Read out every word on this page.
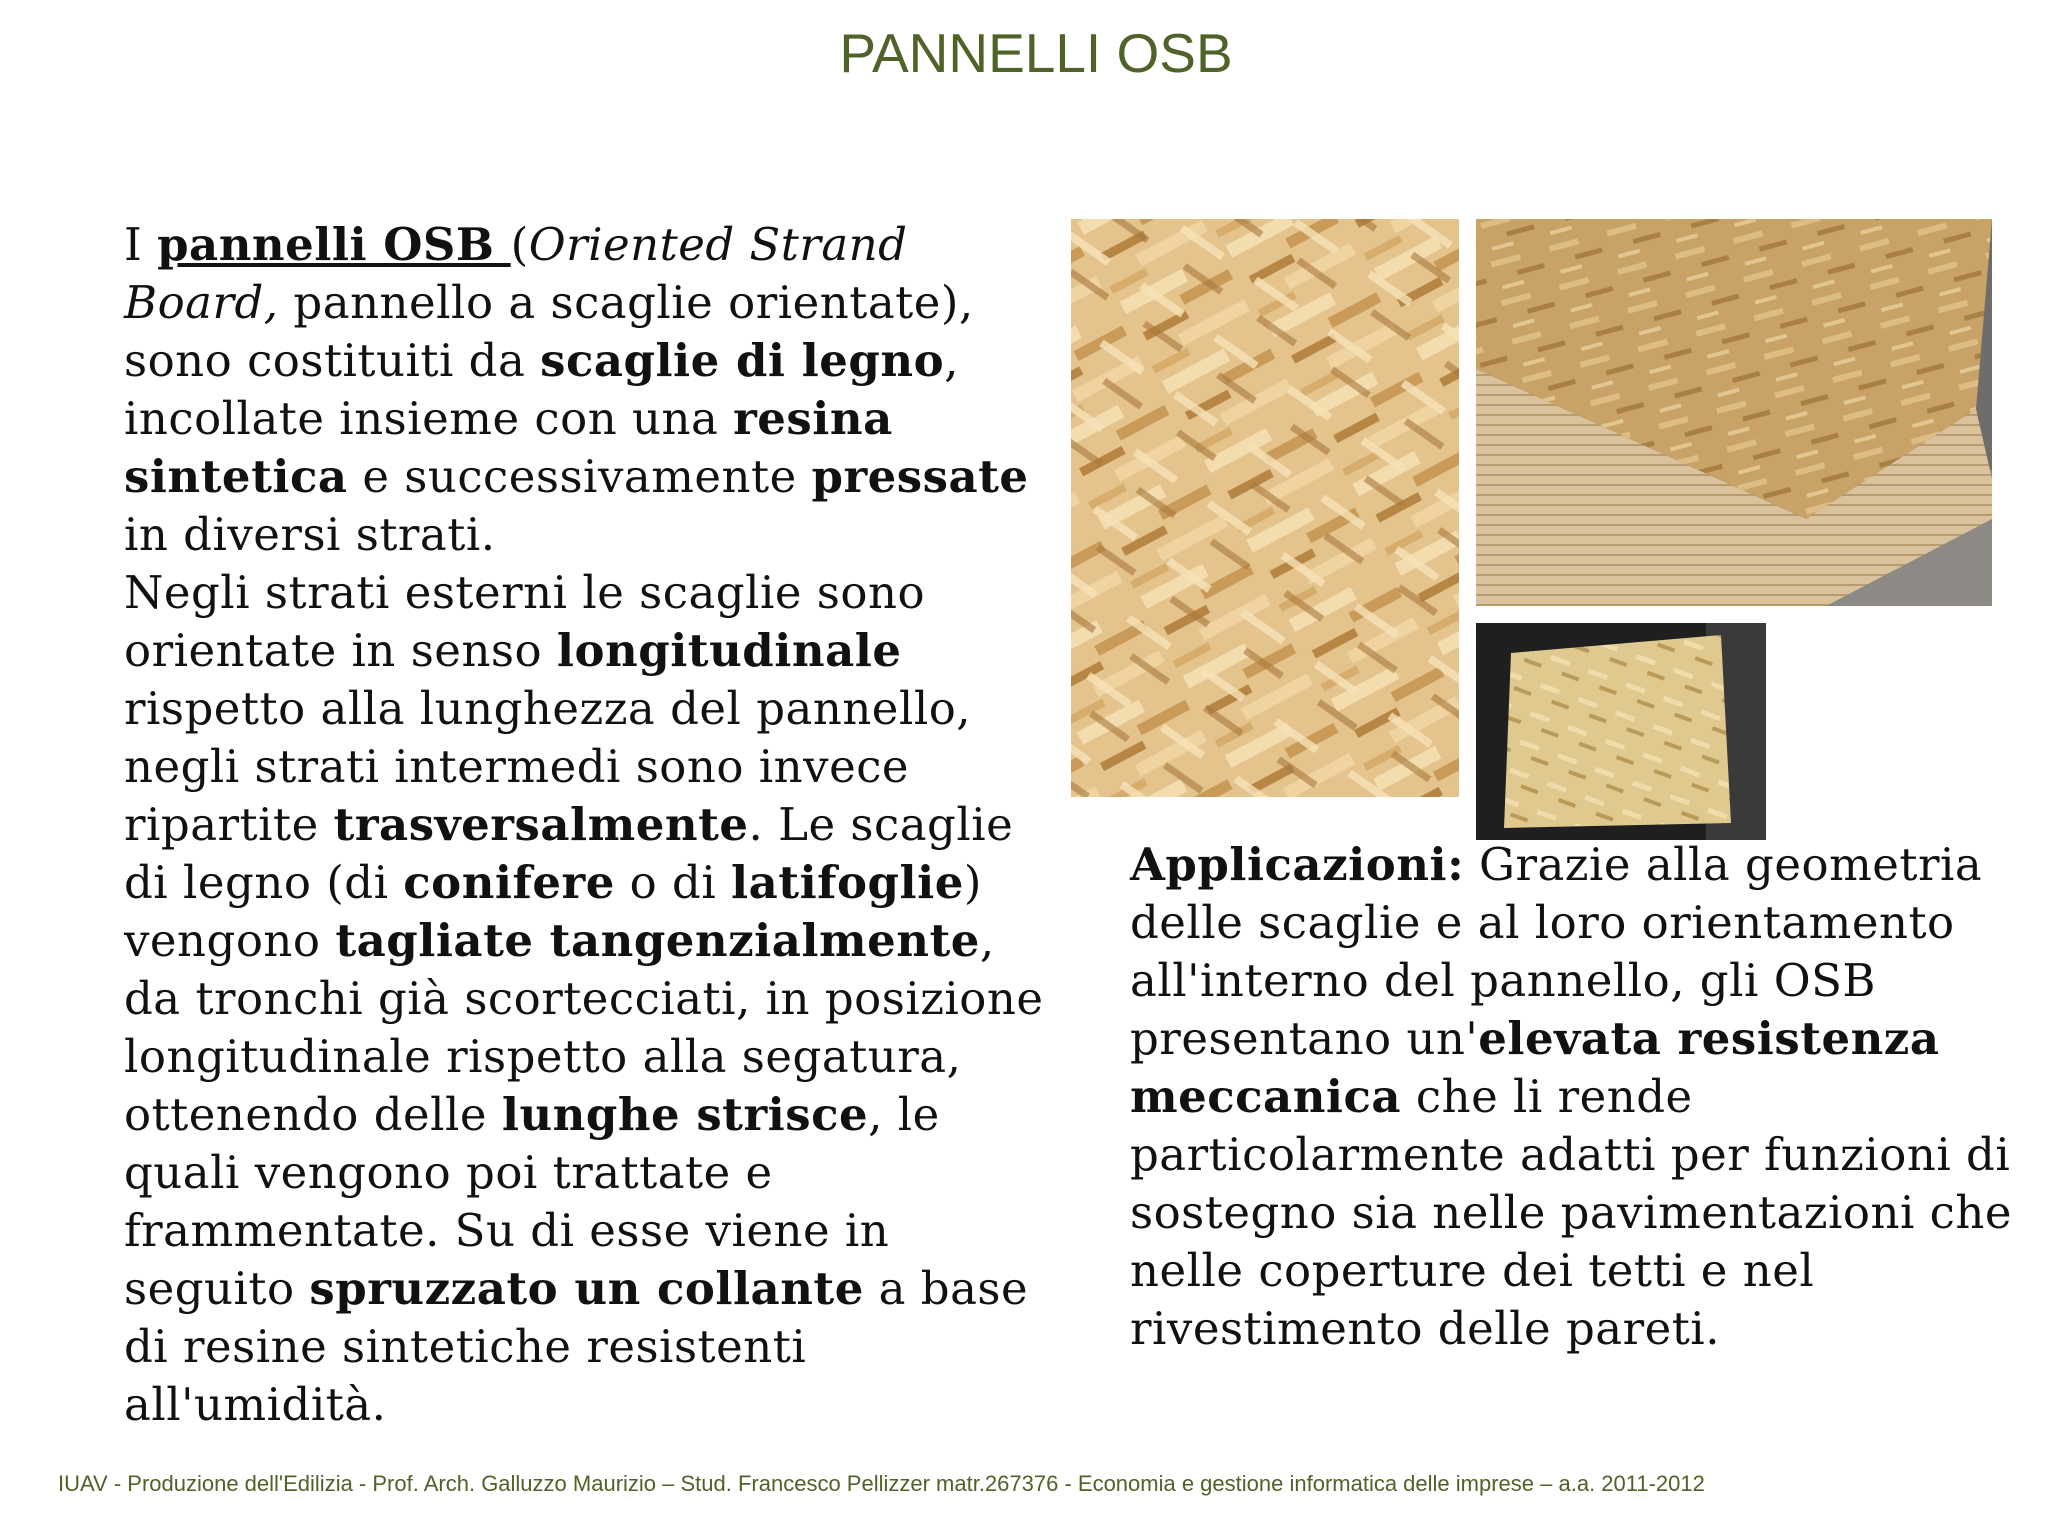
PANNELLI OSB
I pannelli OSB (Oriented Strand Board, pannello a scaglie orientate), sono costituiti da scaglie di legno, incollate insieme con una resina sintetica e successivamente pressate in diversi strati.
Negli strati esterni le scaglie sono orientate in senso longitudinale rispetto alla lunghezza del pannello, negli strati intermedi sono invece ripartite trasversalmente. Le scaglie di legno (di conifere o di latifoglie) vengono tagliate tangenzialmente, da tronchi già scortecciati, in posizione longitudinale rispetto alla segatura, ottenendo delle lunghe strisce, le quali vengono poi trattate e frammentate. Su di esse viene in seguito spruzzato un collante a base di resine sintetiche resistenti all'umidità.
Applicazioni: Grazie alla geometria delle scaglie e al loro orientamento all'interno del pannello, gli OSB presentano un'elevata resistenza meccanica che li rende particolarmente adatti per funzioni di sostegno sia nelle pavimentazioni che nelle coperture dei tetti e nel rivestimento delle pareti.
IUAV - Produzione dell'Edilizia - Prof. Arch. Galluzzo Maurizio – Stud. Francesco Pellizzer matr.267376 - Economia e gestione informatica delle imprese – a.a. 2011-2012
